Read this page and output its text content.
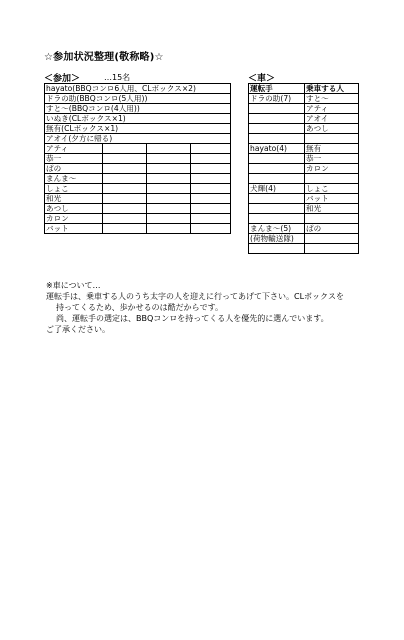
☆参加状況整理(敬称略)☆
＜参加＞	…15名
hayato(BBQコンロ6人用、CLボックス×2)			
ドラの助(BBQコンロ(5人用))			
すと～(BBQコンロ(4人用))			
いぬき(CLボックス×1)			
無有(CLボックス×1)			
アオイ(夕方に帰る)			
アティ			
恭一			
ぱの			
まんま～			
しょこ			
和光			
あつし			
カロン			
バット			
＜車＞
運転手	乗車する人
ドラの助(7)	すと～
	アティ
	アオイ
	あつし

hayato(4)	無有
	恭一
	カロン

犬輝(4)	しょこ
	バット
	和光

まんま～(5)	ぱの
(荷物輸送隊)	

※車について…
運転手は、乗車する人のうち太字の人を迎えに行ってあげて下さい。CLボックスを
持ってくるため、歩かせるのは酷だからです。
尚、運転手の選定は、BBQコンロを持ってくる人を優先的に選んでいます。
ご了承ください。
